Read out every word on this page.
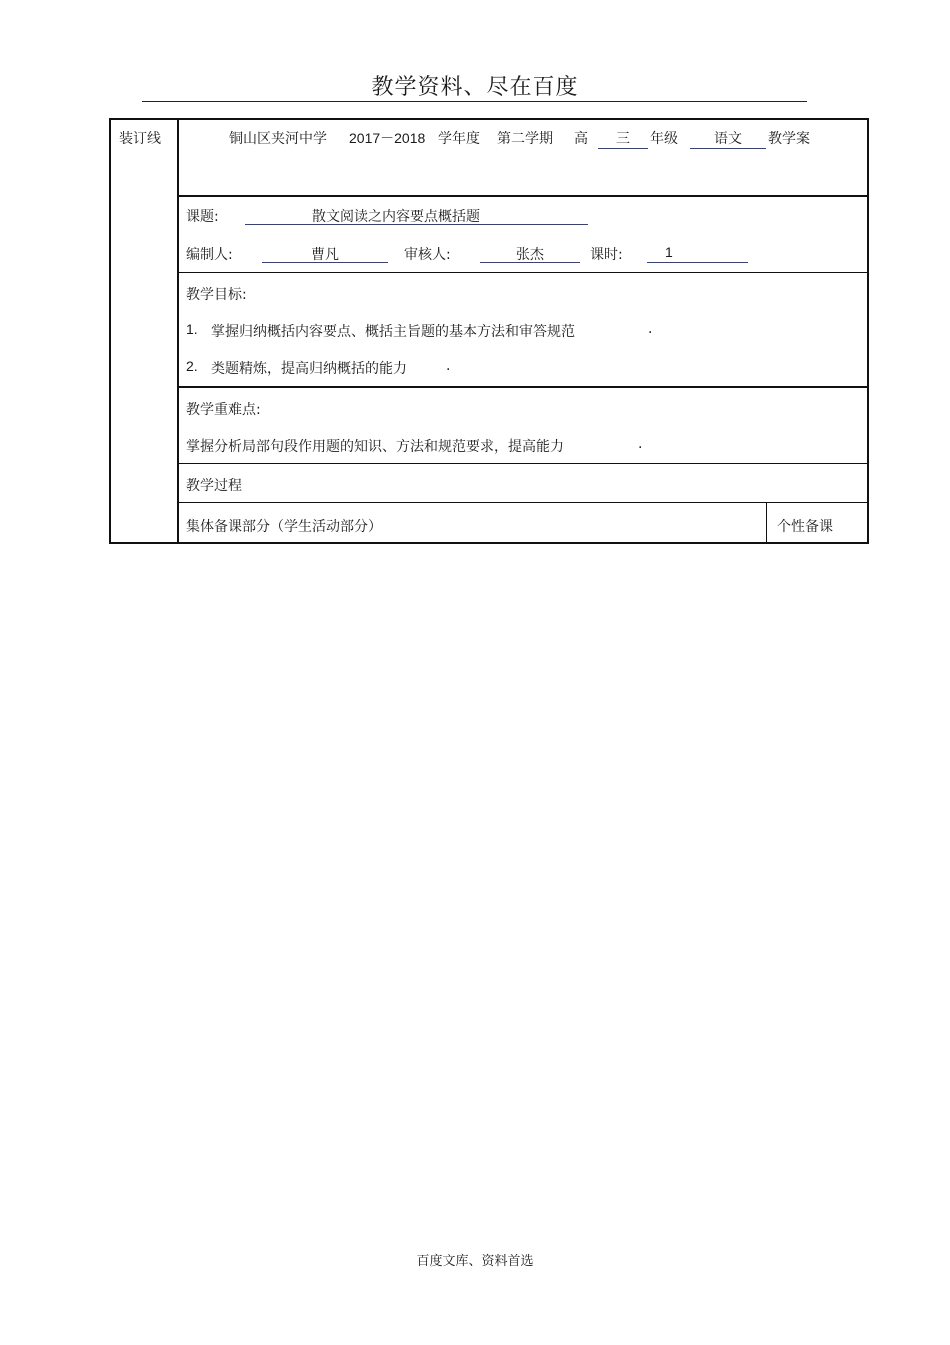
教学资料、尽在百度
装订线	铜山区夹河中学 2017－2018 学年度 第二学期 高	三	年级	语文	教学案
课题:	散文阅读之内容要点概括题
编制人:	曹凡	审核人:	张杰	课时:	1
教学目标:
1. 掌握归纳概括内容要点、概括主旨题的基本方法和审答规范	.
2. 类题精炼，提高归纳概括的能力	.
教学重难点:
掌握分析局部句段作用题的知识、方法和规范要求，提高能力	.
教学过程
集体备课部分（学生活动部分）	个性备课
百度文库、资料首选
